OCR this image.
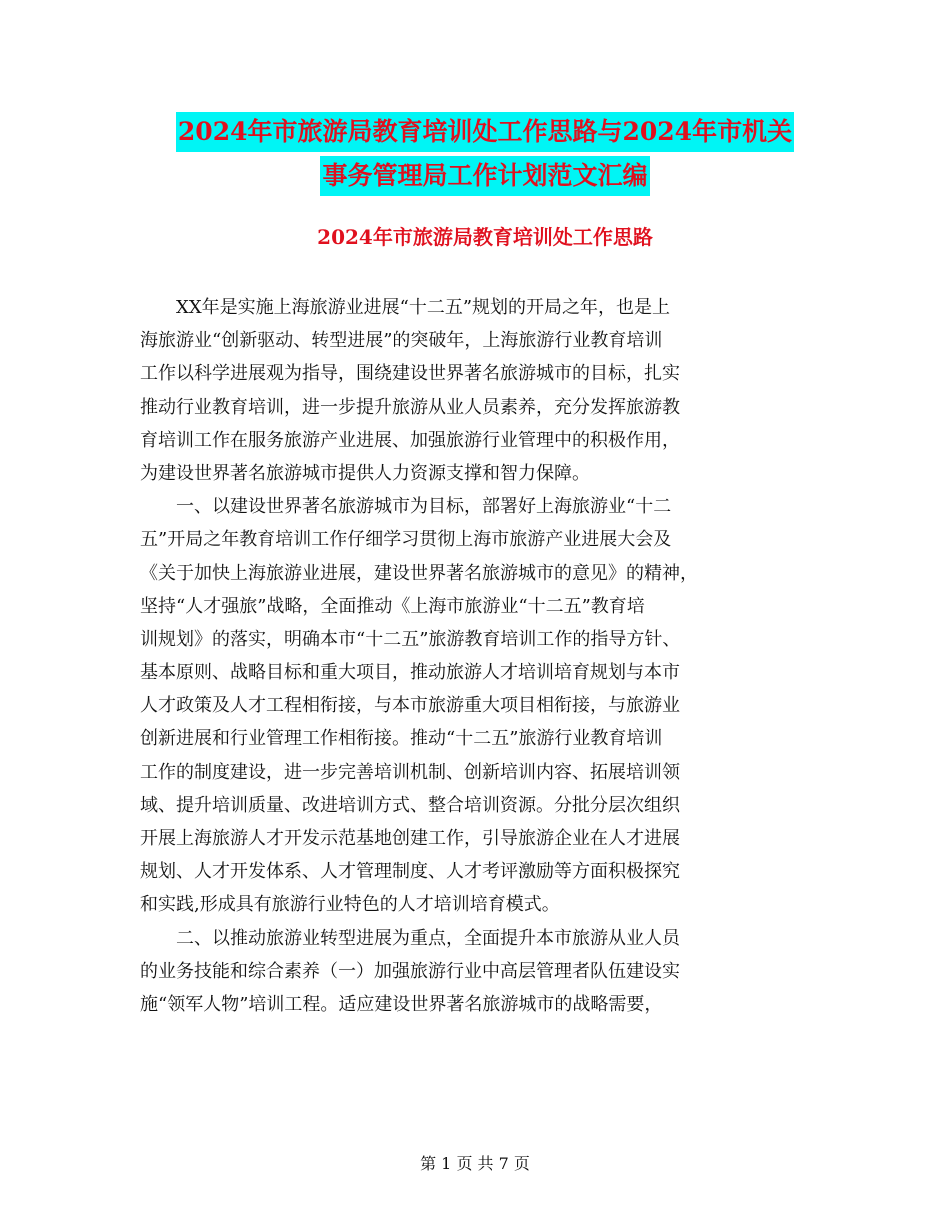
2024年市旅游局教育培训处工作思路与2024年市机关
事务管理局工作计划范文汇编
2024年市旅游局教育培训处工作思路

XX年是实施上海旅游业进展“十二五”规划的开局之年，也是上
海旅游业“创新驱动、转型进展”的突破年，上海旅游行业教育培训
工作以科学进展观为指导，围绕建设世界著名旅游城市的目标，扎实
推动行业教育培训，进一步提升旅游从业人员素养，充分发挥旅游教
育培训工作在服务旅游产业进展、加强旅游行业管理中的积极作用，
为建设世界著名旅游城市提供人力资源支撑和智力保障。

一、以建设世界著名旅游城市为目标，部署好上海旅游业“十二
五”开局之年教育培训工作仔细学习贯彻上海市旅游产业进展大会及
《关于加快上海旅游业进展，建设世界著名旅游城市的意见》的精神，
坚持“人才强旅”战略，全面推动《上海市旅游业“十二五”教育培
训规划》的落实，明确本市“十二五”旅游教育培训工作的指导方针、
基本原则、战略目标和重大项目，推动旅游人才培训培育规划与本市
人才政策及人才工程相衔接，与本市旅游重大项目相衔接，与旅游业
创新进展和行业管理工作相衔接。推动“十二五”旅游行业教育培训
工作的制度建设，进一步完善培训机制、创新培训内容、拓展培训领
域、提升培训质量、改进培训方式、整合培训资源。分批分层次组织
开展上海旅游人才开发示范基地创建工作，引导旅游企业在人才进展
规划、人才开发体系、人才管理制度、人才考评激励等方面积极探究
和实践,形成具有旅游行业特色的人才培训培育模式。

二、以推动旅游业转型进展为重点，全面提升本市旅游从业人员
的业务技能和综合素养（一）加强旅游行业中高层管理者队伍建设实
施“领军人物”培训工程。适应建设世界著名旅游城市的战略需要，

第 1 页 共 7 页
